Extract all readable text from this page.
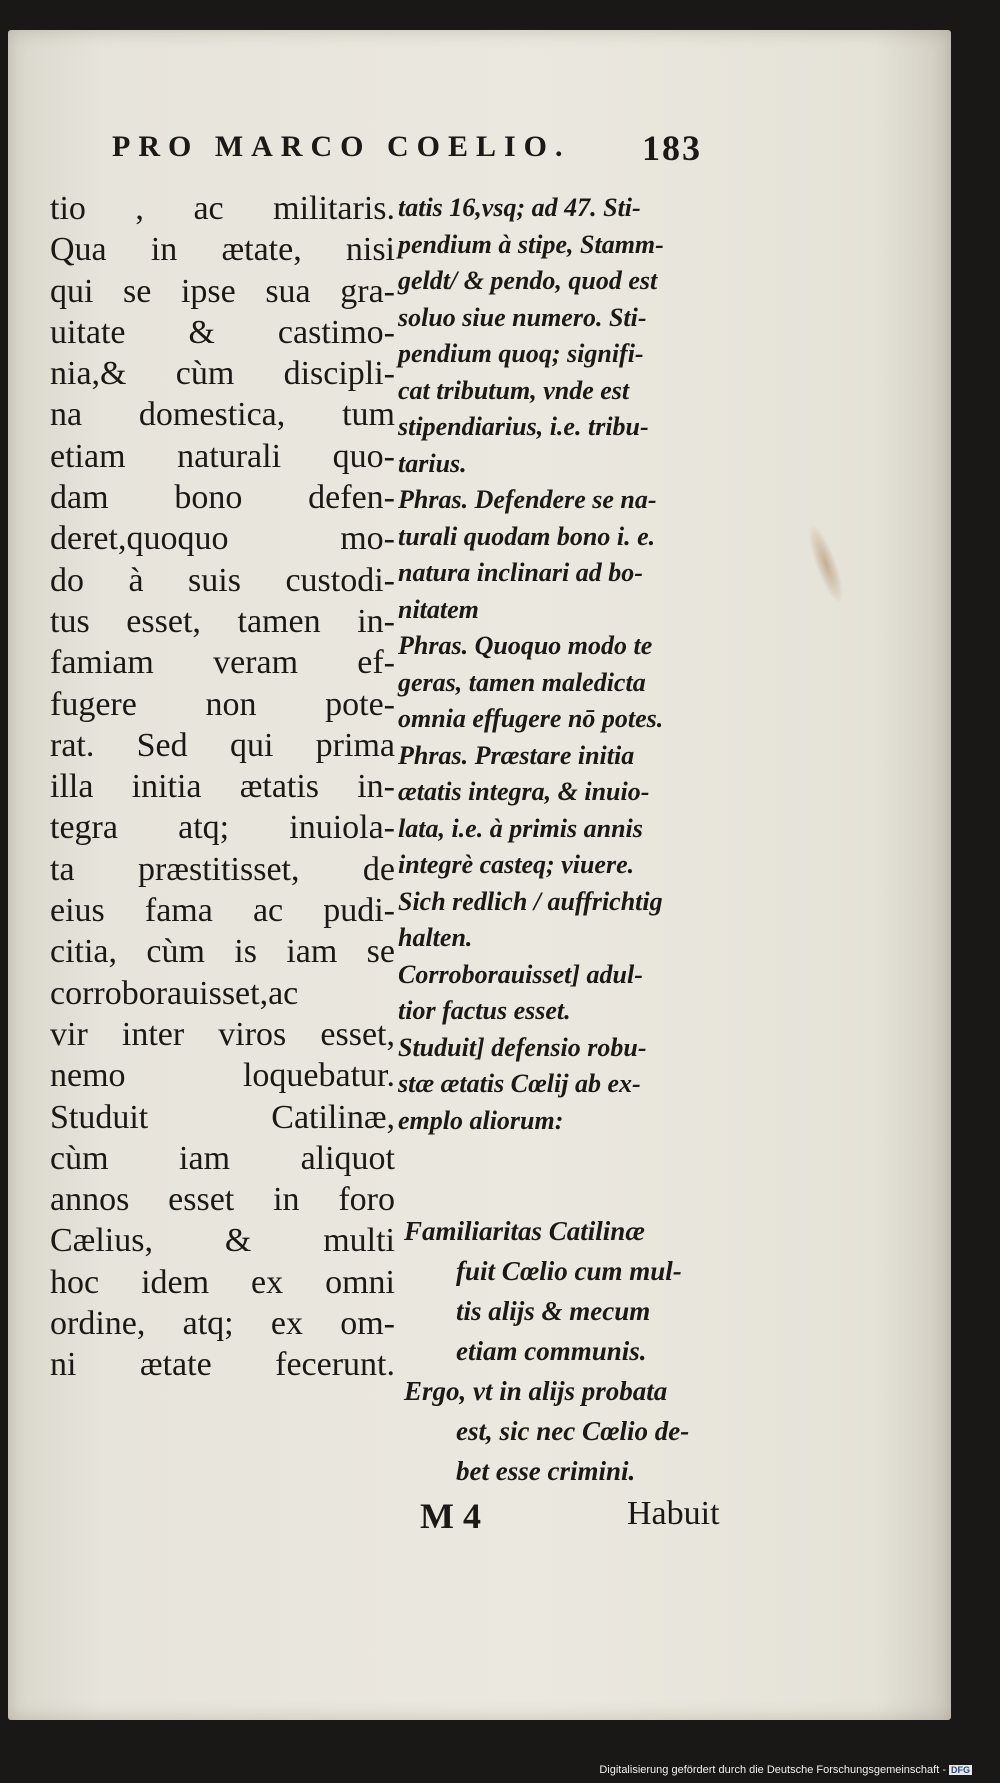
PRO MARCO COELIO. 183
tio , ac militaris.
Qua in ætate, nisi
qui se ipse sua gra-
uitate & castimo-
nia,& cùm discipli-
na domestica, tum
etiam naturali quo-
dam bono defen-
deret,quoquo mo-
do à suis custodi-
tus esset, tamen in-
famiam veram ef-
fugere non pote-
rat. Sed qui prima
illa initia ætatis in-
tegra atq; inuiola-
ta præstitisset, de
eius fama ac pudi-
citia, cùm is iam se
corroborauisset,ac
vir inter viros esset,
nemo loquebatur.
Studuit Catilinæ,
cùm iam aliquot
annos esset in foro
Cælius, & multi
hoc idem ex omni
ordine, atq; ex om-
ni ætate fecerunt.
tatis 16,vsq; ad 47. Sti-
pendium à stipe, Stamm-
geldt/ & pendo, quod est
soluo siue numero. Sti-
pendium quoq; signifi-
cat tributum, vnde est
stipendiarius, i.e. tribu-
tarius.
Phras. Defendere se na-
turali quodam bono i. e.
natura inclinari ad bo-
nitatem
Phras. Quoquo modo te
geras, tamen maledicta
omnia effugere nō potes.
Phras. Præstare initia
ætatis integra, & inuio-
lata, i.e. à primis annis
integrè casteq; viuere.
Sich redlich / auffrichtig
halten.
Corroborauisset] adul-
tior factus esset.
Studuit] defensio robu-
stæ ætatis Cœlij ab ex-
emplo aliorum:
Familiaritas Catilinæ
fuit Cœlio cum mul-
tis alijs & mecum
etiam communis.
Ergo, vt in alijs probata
est, sic nec Cœlio de-
bet esse crimini.
M 4	Habuit
Digitalisierung gefördert durch die Deutsche Forschungsgemeinschaft - DFG
